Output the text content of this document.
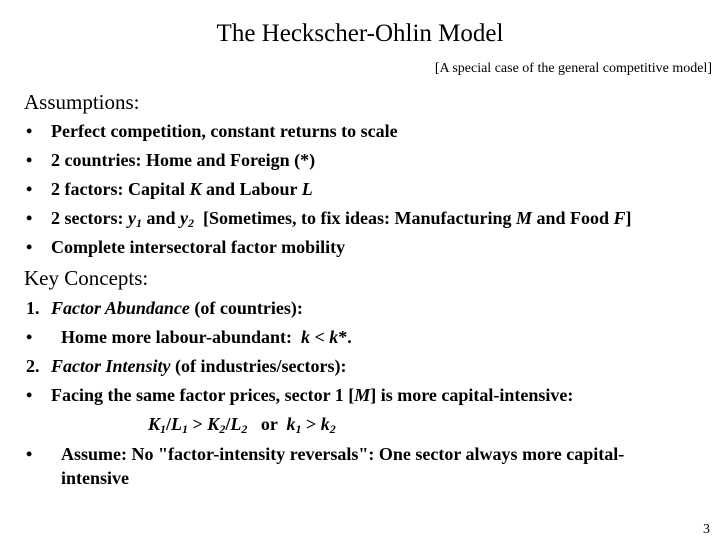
The Heckscher-Ohlin Model
[A special case of the general competitive model]
Assumptions:
• Perfect competition, constant returns to scale
• 2 countries: Home and Foreign (*)
• 2 factors: Capital K and Labour L
• 2 sectors: $y_1$ and $y_2$  [Sometimes, to fix ideas: Manufacturing M and Food F]
• Complete intersectoral factor mobility
Key Concepts:
1. Factor Abundance (of countries):
• Home more labour-abundant:  k < k*.
2. Factor Intensity (of industries/sectors):
• Facing the same factor prices, sector 1 [M] is more capital-intensive:
$K_1/L_1 > K_2/L_2$   or  $k_1 > k_2$
• Assume: No "factor-intensity reversals": One sector always more capital-
intensive
3
